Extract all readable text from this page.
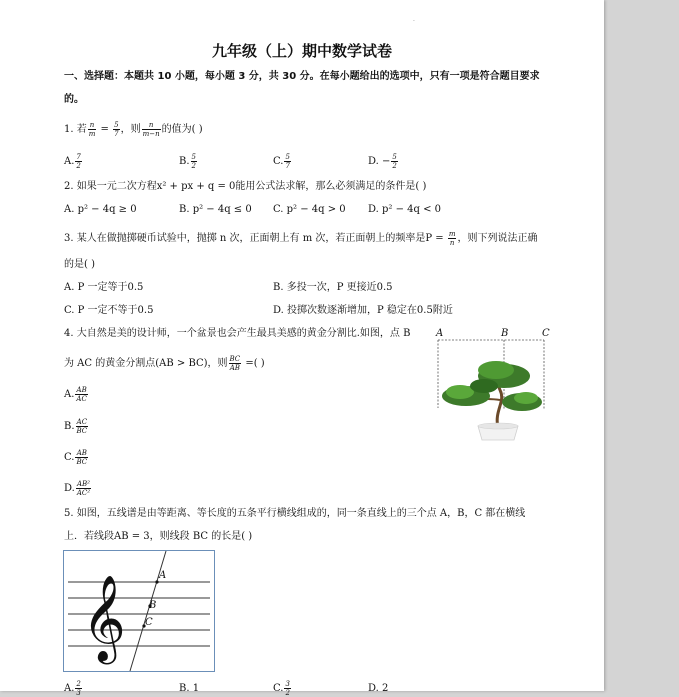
·
九年级（上）期中数学试卷
一、选择题：本题共 10 小题，每小题 3 分，共 30 分。在每小题给出的选项中，只有一项是符合题目要求
的。
1. 若 $\frac{n}{m} = \frac{5}{7}$ ，则 $\frac{n}{m-n}$ 的值为( )
A. $\frac{7}{2}$	B. $\frac{5}{2}$	C. $\frac{5}{7}$	D. − $\frac{5}{2}$
2. 如果一元二次方程x² + px + q = 0能用公式法求解，那么必须满足的条件是( )
A. p² − 4q ≥ 0	B. p² − 4q ≤ 0 C. p² − 4q > 0 D. p² − 4q < 0
3. 某人在做抛掷硬币试验中，抛掷 n 次，正面朝上有 m 次，若正面朝上的频率是$P = \frac{m}{n}$ ，则下列说法正确
的是( )
A. P 一定等于0.5	B. 多投一次，P 更接近0.5
C. P 一定不等于0.5	D. 投掷次数逐渐增加，P 稳定在0.5附近
4. 大自然是美的设计师，一个盆景也会产生最具美感的黄金分割比.如图，点 B
为 AC 的黄金分割点(AB > BC)，则 $\frac{BC}{AB}$ =( )
A. $\frac{AB}{AC}$
B. $\frac{AC}{BC}$
C. $\frac{AB}{BC}$
D. $\frac{\text{AB²}}{\text{AC²}}$
A	B	C
5. 如图，五线谱是由等距离、等长度的五条平行横线组成的，同一条直线上的三个点 A，B，C 都在横线
上．若线段AB = 3，则线段 BC 的长是( )
𝄞	A
B
C
A. $\frac{2}{3}$	B. 1	C. $\frac{3}{2}$	D. 2
